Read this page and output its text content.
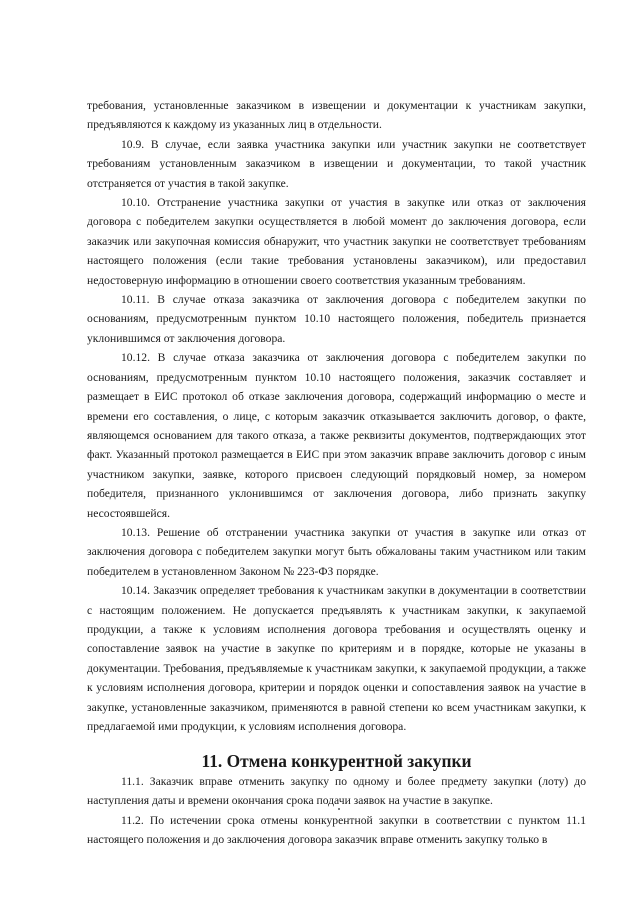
требования, установленные заказчиком в извещении и документации к участникам закупки, предъявляются к каждому из указанных лиц в отдельности.

10.9. В случае, если заявка участника закупки или участник закупки не соответствует требованиям установленным заказчиком в извещении и документации, то такой участник отстраняется от участия в такой закупке.

10.10. Отстранение участника закупки от участия в закупке или отказ от заключения договора с победителем закупки осуществляется в любой момент до заключения договора, если заказчик или закупочная комиссия обнаружит, что участник закупки не соответствует требованиям настоящего положения (если такие требования установлены заказчиком), или предоставил недостоверную информацию в отношении своего соответствия указанным требованиям.

10.11. В случае отказа заказчика от заключения договора с победителем закупки по основаниям, предусмотренным пунктом 10.10 настоящего положения, победитель признается уклонившимся от заключения договора.

10.12. В случае отказа заказчика от заключения договора с победителем закупки по основаниям, предусмотренным пунктом 10.10 настоящего положения, заказчик составляет и размещает в ЕИС протокол об отказе заключения договора, содержащий информацию о месте и времени его составления, о лице, с которым заказчик отказывается заключить договор, о факте, являющемся основанием для такого отказа, а также реквизиты документов, подтверждающих этот факт. Указанный протокол размещается в ЕИС при этом заказчик вправе заключить договор с иным участником закупки, заявке, которого присвоен следующий порядковый номер, за номером победителя, признанного уклонившимся от заключения договора, либо признать закупку несостоявшейся.

10.13. Решение об отстранении участника закупки от участия в закупке или отказ от заключения договора с победителем закупки могут быть обжалованы таким участником или таким победителем в установленном Законом № 223-ФЗ порядке.

10.14. Заказчик определяет требования к участникам закупки в документации в соответствии с настоящим положением. Не допускается предъявлять к участникам закупки, к закупаемой продукции, а также к условиям исполнения договора требования и осуществлять оценку и сопоставление заявок на участие в закупке по критериям и в порядке, которые не указаны в документации. Требования, предъявляемые к участникам закупки, к закупаемой продукции, а также к условиям исполнения договора, критерии и порядок оценки и сопоставления заявок на участие в закупке, установленные заказчиком, применяются в равной степени ко всем участникам закупки, к предлагаемой ими продукции, к условиям исполнения договора.

11. Отмена конкурентной закупки

11.1. Заказчик вправе отменить закупку по одному и более предмету закупки (лоту) до наступления даты и времени окончания срока подачи заявок на участие в закупке.

11.2. По истечении срока отмены конкурентной закупки в соответствии с пунктом 11.1 настоящего положения и до заключения договора заказчик вправе отменить закупку только в
